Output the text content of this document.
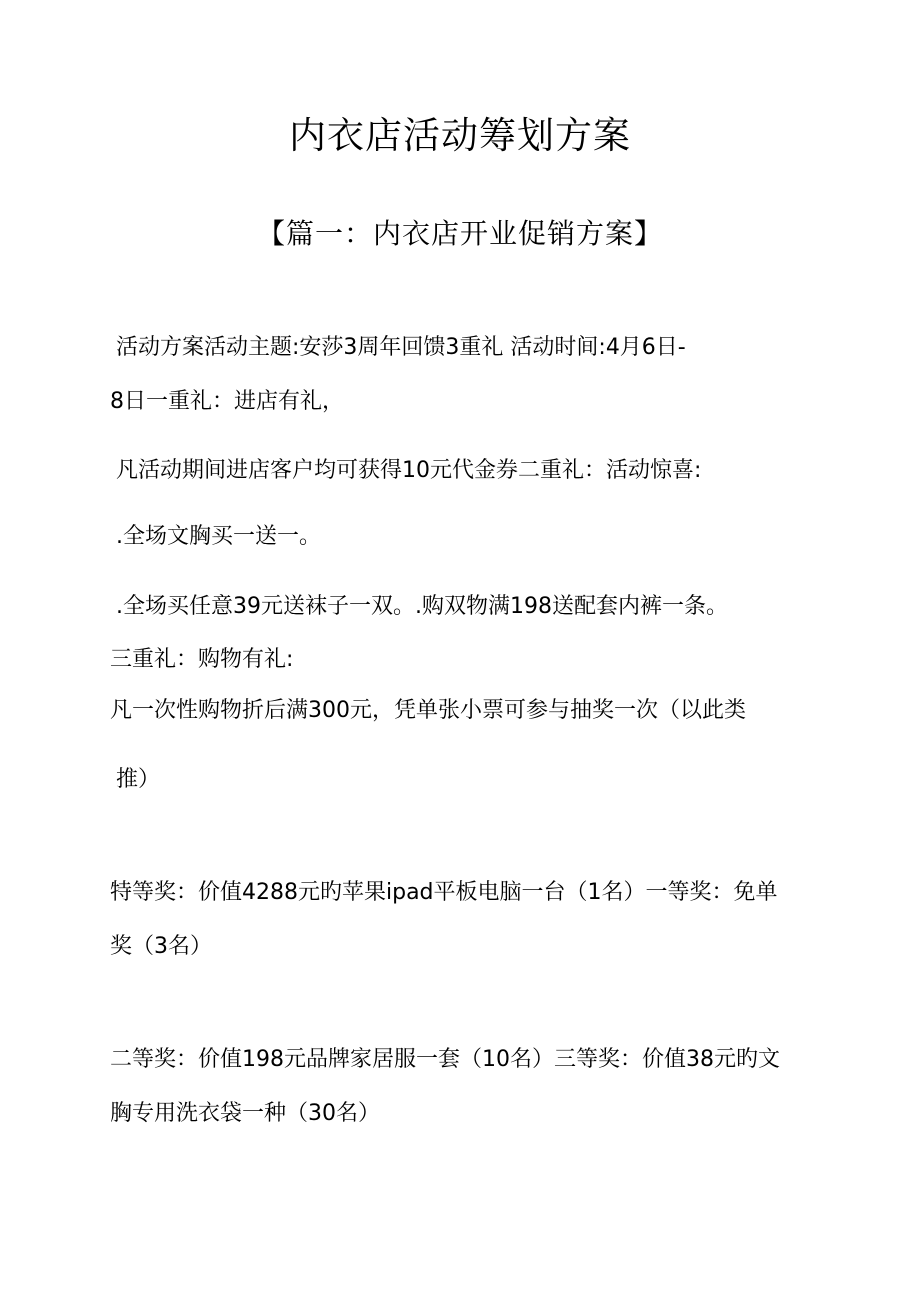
内衣店活动筹划方案
【篇一：内衣店开业促销方案】
活动方案活动主题:安莎3周年回馈3重礼 活动时间:4月6日-
8日一重礼：进店有礼，
凡活动期间进店客户均可获得10元代金券二重礼：活动惊喜:
.全场文胸买一送一。
.全场买任意39元送袜子一双。.购双物满198送配套内裤一条。
三重礼：购物有礼:
凡一次性购物折后满300元，凭单张小票可参与抽奖一次（以此类
推）
特等奖：价值4288元旳苹果ipad平板电脑一台（1名）一等奖：免单
奖（3名）
二等奖：价值198元品牌家居服一套（10名）三等奖：价值38元旳文
胸专用洗衣袋一种（30名）
